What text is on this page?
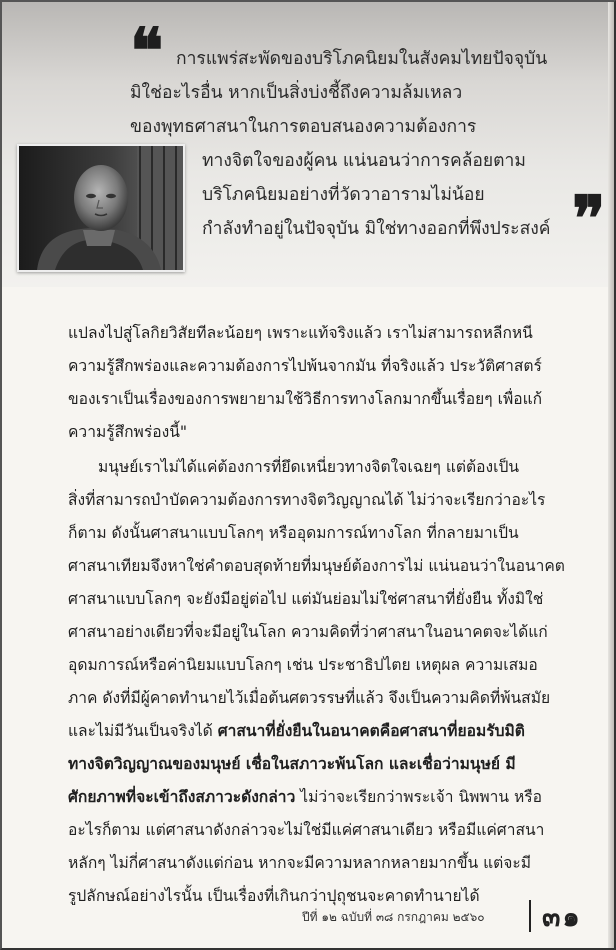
❝
❞
การแพร่สะพัดของบริโภคนิยมในสังคมไทยปัจจุบัน
มิใช่อะไรอื่น หากเป็นสิ่งบ่งชี้ถึงความล้มเหลว
ของพุทธศาสนาในการตอบสนองความต้องการ
ทางจิตใจของผู้คน แน่นอนว่าการคล้อยตาม
บริโภคนิยมอย่างที่วัดวาอารามไม่น้อย
กำลังทำอยู่ในปัจจุบัน มิใช่ทางออกที่พึงประสงค์
แปลงไปสู่โลกิยวิสัยทีละน้อยๆ เพราะแท้จริงแล้ว เราไม่สามารถหลีกหนี
ความรู้สึกพร่องและความต้องการไปพ้นจากมัน ที่จริงแล้ว ประวัติศาสตร์
ของเราเป็นเรื่องของการพยายามใช้วิธีการทางโลกมากขึ้นเรื่อยๆ เพื่อแก้
ความรู้สึกพร่องนี้"
มนุษย์เราไม่ได้แค่ต้องการที่ยึดเหนี่ยวทางจิตใจเฉยๆ แต่ต้องเป็น
สิ่งที่สามารถบำบัดความต้องการทางจิตวิญญาณได้ ไม่ว่าจะเรียกว่าอะไร
ก็ตาม ดังนั้นศาสนาแบบโลกๆ หรืออุดมการณ์ทางโลก ที่กลายมาเป็น
ศาสนาเทียมจึงหาใช่คำตอบสุดท้ายที่มนุษย์ต้องการไม่ แน่นอนว่าในอนาคต
ศาสนาแบบโลกๆ จะยังมีอยู่ต่อไป แต่มันย่อมไม่ใช่ศาสนาที่ยั่งยืน ทั้งมิใช่
ศาสนาอย่างเดียวที่จะมีอยู่ในโลก ความคิดที่ว่าศาสนาในอนาคตจะได้แก่
อุดมการณ์หรือค่านิยมแบบโลกๆ เช่น ประชาธิปไตย เหตุผล ความเสมอ
ภาค ดังที่มีผู้คาดทำนายไว้เมื่อต้นศตวรรษที่แล้ว จึงเป็นความคิดที่พ้นสมัย
และไม่มีวันเป็นจริงได้ ศาสนาที่ยั่งยืนในอนาคตคือศาสนาที่ยอมรับมิติ
ทางจิตวิญญาณของมนุษย์ เชื่อในสภาวะพ้นโลก และเชื่อว่ามนุษย์ มี
ศักยภาพที่จะเข้าถึงสภาวะดังกล่าว ไม่ว่าจะเรียกว่าพระเจ้า นิพพาน หรือ
อะไรก็ตาม แต่ศาสนาดังกล่าวจะไม่ใช่มีแค่ศาสนาเดียว หรือมีแค่ศาสนา
หลักๆ ไม่กี่ศาสนาดังแต่ก่อน หากจะมีความหลากหลายมากขึ้น แต่จะมี
รูปลักษณ์อย่างไรนั้น เป็นเรื่องที่เกินกว่าปุถุชนจะคาดทำนายได้
ปีที่ ๑๒ ฉบับที่ ๓๘ กรกฎาคม ๒๕๖๐ ๓๑
